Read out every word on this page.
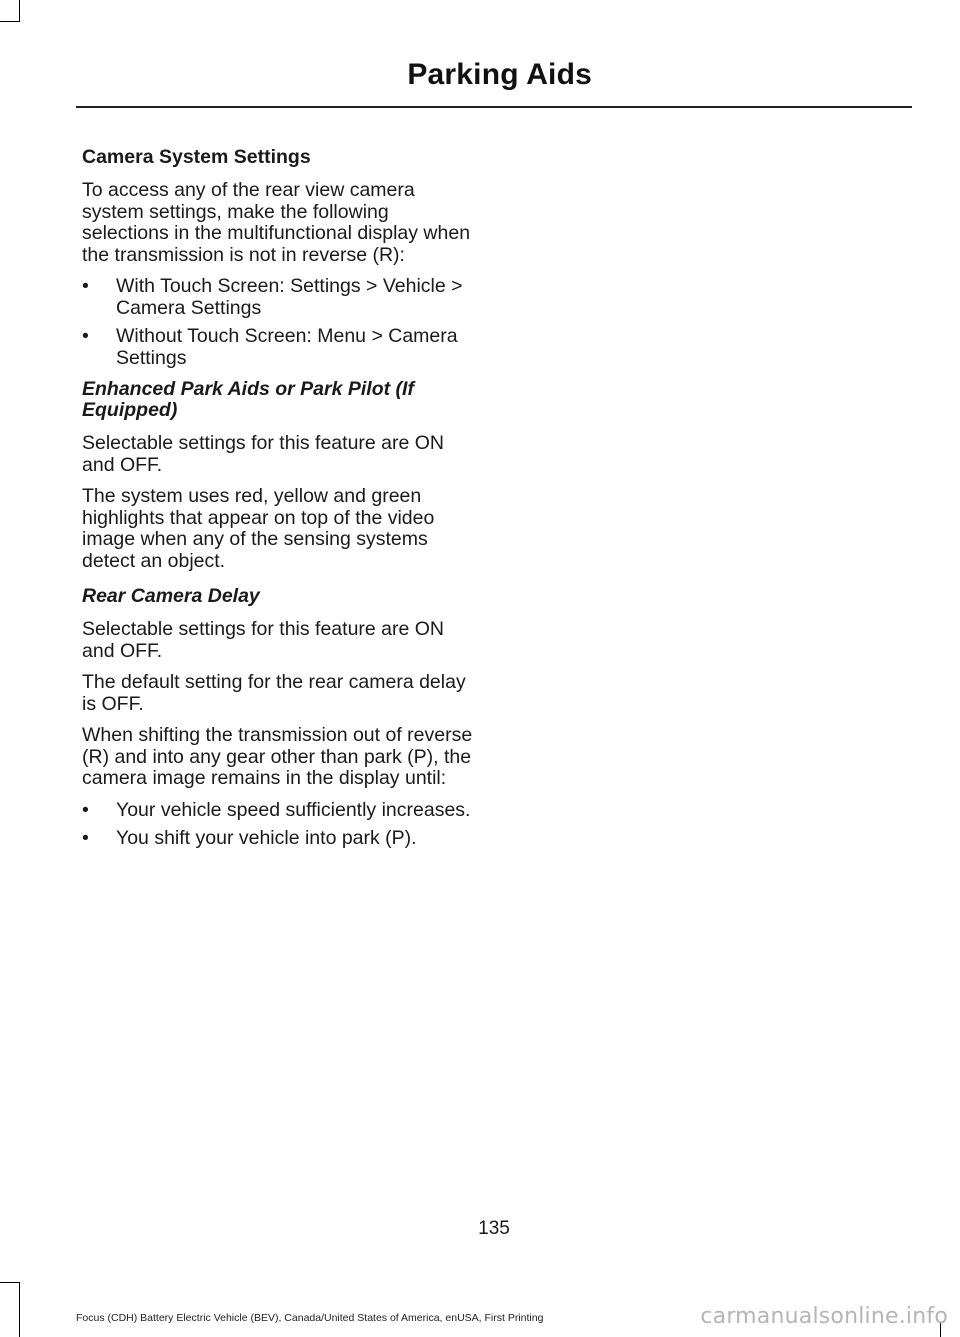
Parking Aids
Camera System Settings

To access any of the rear view camera system settings, make the following selections in the multifunctional display when the transmission is not in reverse (R):

• With Touch Screen: Settings > Vehicle > Camera Settings
• Without Touch Screen: Menu > Camera Settings
Enhanced Park Aids or Park Pilot (If Equipped)

Selectable settings for this feature are ON and OFF.

The system uses red, yellow and green highlights that appear on top of the video image when any of the sensing systems detect an object.

Rear Camera Delay

Selectable settings for this feature are ON and OFF.

The default setting for the rear camera delay is OFF.

When shifting the transmission out of reverse (R) and into any gear other than park (P), the camera image remains in the display until:

• Your vehicle speed sufficiently increases.
• You shift your vehicle into park (P).
135
Focus (CDH) Battery Electric Vehicle (BEV), Canada/United States of America, enUSA, First Printing	carmanualsonline.info
